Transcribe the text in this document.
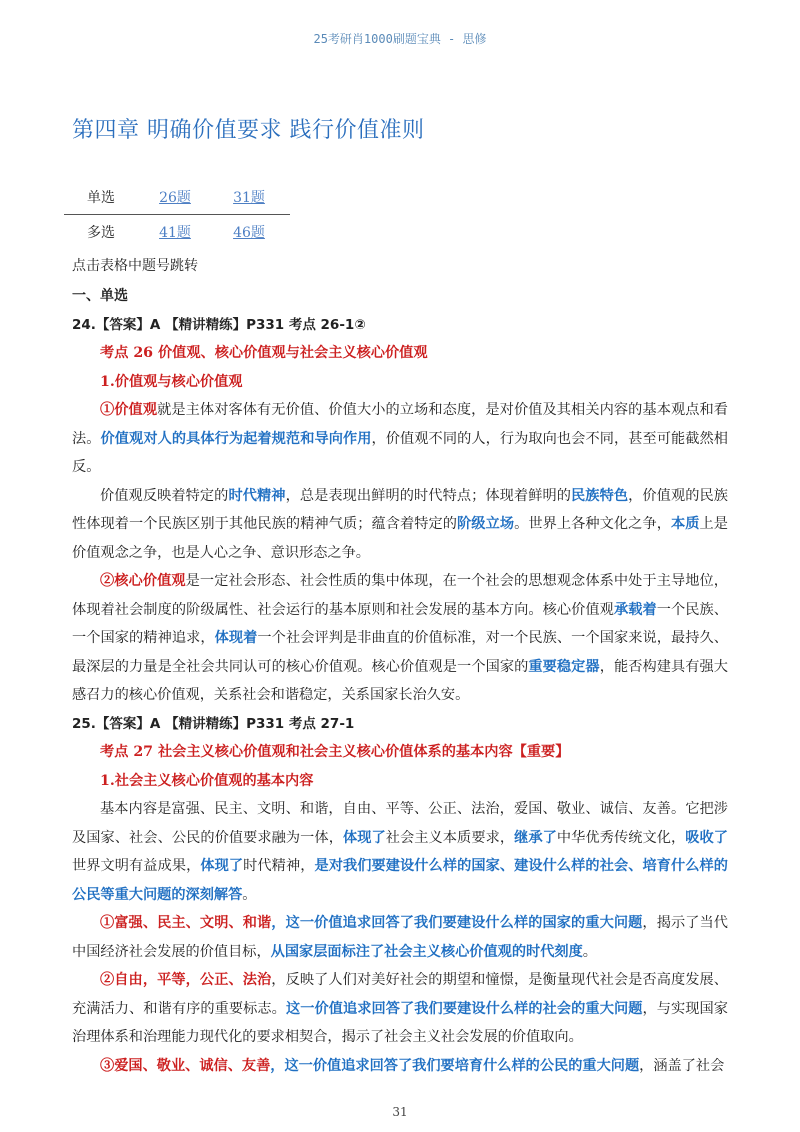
25考研肖1000刷题宝典 - 思修
第四章 明确价值要求 践行价值准则
单选	26题	31题
多选	41题	46题
点击表格中题号跳转
一、单选
24.【答案】A 【精讲精练】P331 考点 26-1②
考点 26 价值观、核心价值观与社会主义核心价值观
1.价值观与核心价值观

①价值观就是主体对客体有无价值、价值大小的立场和态度，是对价值及其相关内容的基本观点和看法。价值观对人的具体行为起着规范和导向作用，价值观不同的人，行为取向也会不同，甚至可能截然相反。

价值观反映着特定的时代精神，总是表现出鲜明的时代特点；体现着鲜明的民族特色，价值观的民族性体现着一个民族区别于其他民族的精神气质；蕴含着特定的阶级立场。世界上各种文化之争，本质上是价值观念之争，也是人心之争、意识形态之争。

②核心价值观是一定社会形态、社会性质的集中体现，在一个社会的思想观念体系中处于主导地位，体现着社会制度的阶级属性、社会运行的基本原则和社会发展的基本方向。核心价值观承载着一个民族、一个国家的精神追求，体现着一个社会评判是非曲直的价值标准，对一个民族、一个国家来说，最持久、最深层的力量是全社会共同认可的核心价值观。核心价值观是一个国家的重要稳定器，能否构建具有强大感召力的核心价值观，关系社会和谐稳定，关系国家长治久安。

25.【答案】A 【精讲精练】P331 考点 27-1
考点 27 社会主义核心价值观和社会主义核心价值体系的基本内容【重要】
1.社会主义核心价值观的基本内容

基本内容是富强、民主、文明、和谐，自由、平等、公正、法治，爱国、敬业、诚信、友善。它把涉及国家、社会、公民的价值要求融为一体，体现了社会主义本质要求，继承了中华优秀传统文化，吸收了世界文明有益成果，体现了时代精神，是对我们要建设什么样的国家、建设什么样的社会、培育什么样的公民等重大问题的深刻解答。

①富强、民主、文明、和谐，这一价值追求回答了我们要建设什么样的国家的重大问题，揭示了当代中国经济社会发展的价值目标，从国家层面标注了社会主义核心价值观的时代刻度。

②自由，平等，公正、法治，反映了人们对美好社会的期望和憧憬，是衡量现代社会是否高度发展、充满活力、和谐有序的重要标志。这一价值追求回答了我们要建设什么样的社会的重大问题，与实现国家治理体系和治理能力现代化的要求相契合，揭示了社会主义社会发展的价值取向。

③爱国、敬业、诚信、友善，这一价值追求回答了我们要培育什么样的公民的重大问题，涵盖了社会

31
